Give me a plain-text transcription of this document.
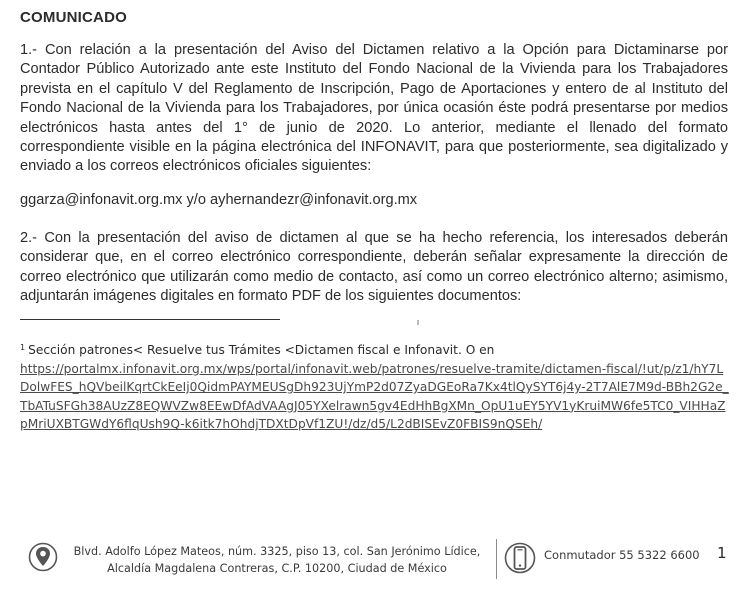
COMUNICADO
1.- Con relación a la presentación del Aviso del Dictamen relativo a la Opción para Dictaminarse por Contador Público Autorizado ante este Instituto del Fondo Nacional de la Vivienda para los Trabajadores prevista en el capítulo V del Reglamento de Inscripción, Pago de Aportaciones y entero de al Instituto del Fondo Nacional de la Vivienda para los Trabajadores, por única ocasión éste podrá presentarse por medios electrónicos hasta antes del 1° de junio de 2020. Lo anterior, mediante el llenado del formato correspondiente visible en la página electrónica del INFONAVIT, para que posteriormente, sea digitalizado y enviado a los correos electrónicos oficiales siguientes:
ggarza@infonavit.org.mx y/o ayhernandezr@infonavit.org.mx
2.- Con la presentación del aviso de dictamen al que se ha hecho referencia, los interesados deberán considerar que, en el correo electrónico correspondiente, deberán señalar expresamente la dirección de correo electrónico que utilizarán como medio de contacto, así como un correo electrónico alterno; asimismo, adjuntarán imágenes digitales en formato PDF de los siguientes documentos:
$^1$ Sección patrones< Resuelve tus Trámites <Dictamen fiscal e Infonavit. O en
https://portalmx.infonavit.org.mx/wps/portal/infonavit.web/patrones/resuelve-tramite/dictamen-fiscal/!ut/p/z1/hY7LDolwFES_hQVbeilKqrtCkEeIj0QidmPAYMEUSgDh923UjYmP2d07ZyaDGEoRa7Kx4tlQySYT6j4y-2T7AlE7M9d-BBh2G2e_TbATuSFGh38AUzZ8EQWVZw8EEwDfAdVAAgJ05YXelrawn5gv4EdHhBgXMn_OpU1uEY5YV1yKruiMW6fe5TC0_VIHHaZpMriUXBTGWdY6flqUsh9Q-k6itk7hOhdjTDXtDpVf1ZU!/dz/d5/L2dBISEvZ0FBIS9nQSEh/
Blvd. Adolfo López Mateos, núm. 3325, piso 13, col. San Jerónimo Lídice,
Alcaldía Magdalena Contreras, C.P. 10200, Ciudad de México
Conmutador 55 5322 6600 1
